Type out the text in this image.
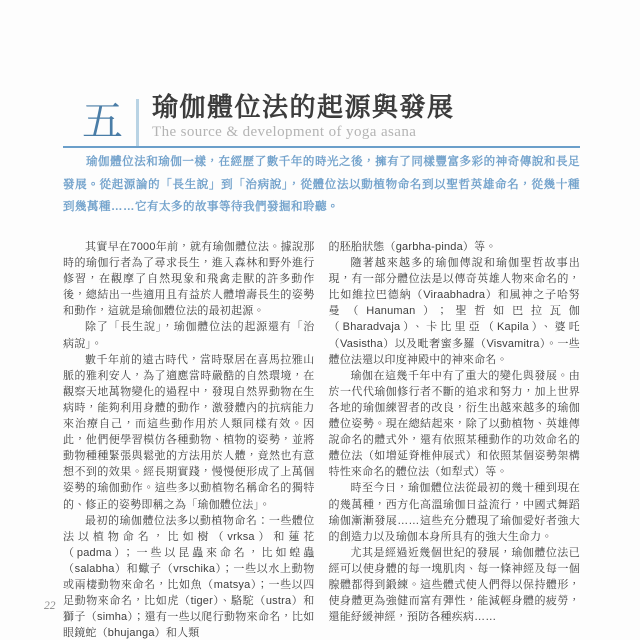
五 瑜伽體位法的起源與發展
The source & development of yoga asana

瑜伽體位法和瑜伽一樣，在經歷了數千年的時光之後，擁有了同樣豐富多彩的神奇傳說和長足發展。從起源論的「長生說」到「治病說」，從體位法以動植物命名到以聖哲英雄命名，從幾十種到幾萬種……它有太多的故事等待我們發掘和聆聽。

其實早在7000年前，就有瑜伽體位法。據說那時的瑜伽行者為了尋求長生，進入森林和野外進行修習，在觀摩了自然現象和飛禽走獸的許多動作後，總結出一些適用且有益於人體增壽長生的姿勢和動作，這就是瑜伽體位法的最初起源。

除了「長生說」，瑜伽體位法的起源還有「治病說」。

數千年前的遠古時代，當時聚居在喜馬拉雅山脈的雅利安人，為了適應當時嚴酷的自然環境，在觀察天地萬物變化的過程中，發現自然界動物在生病時，能夠利用身體的動作，激發體內的抗病能力來治療自己，而這些動作用於人類同樣有效。因此，他們便學習模仿各種動物、植物的姿勢，並將動物種種緊張與鬆弛的方法用於人體，竟然也有意想不到的效果。經長期實踐，慢慢便形成了上萬個姿勢的瑜伽動作。這些多以動植物名稱命名的獨特的、修正的姿勢即稱之為「瑜伽體位法」。

最初的瑜伽體位法多以動植物命名：一些體位法以植物命名，比如樹（vrksa）和蓮花（padma）；一些以昆蟲來命名，比如蝗蟲（salabha）和蠍子（vrschika）；一些以水上動物或兩棲動物來命名，比如魚（matsya）；一些以四足動物來命名，比如虎（tiger）、駱駝（ustra）和獅子（simha）；還有一些以爬行動物來命名，比如眼鏡蛇（bhujanga）和人類

的胚胎狀態（garbha-pinda）等。

隨著越來越多的瑜伽傳說和瑜伽聖哲故事出現，有一部分體位法是以傳奇英雄人物來命名的，比如維拉巴德納（Viraabhadra）和風神之子哈努曼（Hanuman）；聖哲如巴拉瓦伽（Bharadvaja）、卡比里亞（Kapila）、婆吒（Vasistha）以及毗奢蜜多羅（Visvamitra）。一些體位法還以印度神殿中的神來命名。

瑜伽在這幾千年中有了重大的變化與發展。由於一代代瑜伽修行者不斷的追求和努力，加上世界各地的瑜伽練習者的改良，衍生出越來越多的瑜伽體位姿勢。現在總結起來，除了以動植物、英雄傳說命名的體式外，還有依照某種動作的功效命名的體位法（如增延脊椎伸展式）和依照某個姿勢架構特性來命名的體位法（如犁式）等。

時至今日，瑜伽體位法從最初的幾十種到現在的幾萬種，西方化高溫瑜伽日益流行，中國式舞蹈瑜伽漸漸發展……這些充分體現了瑜伽愛好者強大的創造力以及瑜伽本身所具有的強大生命力。

尤其是經過近幾個世紀的發展，瑜伽體位法已經可以使身體的每一塊肌肉、每一條神經及每一個腺體都得到鍛練。這些體式使人們得以保持體形，使身體更為強健而富有彈性，能減輕身體的疲勞，還能紓緩神經，預防各種疾病……

22
